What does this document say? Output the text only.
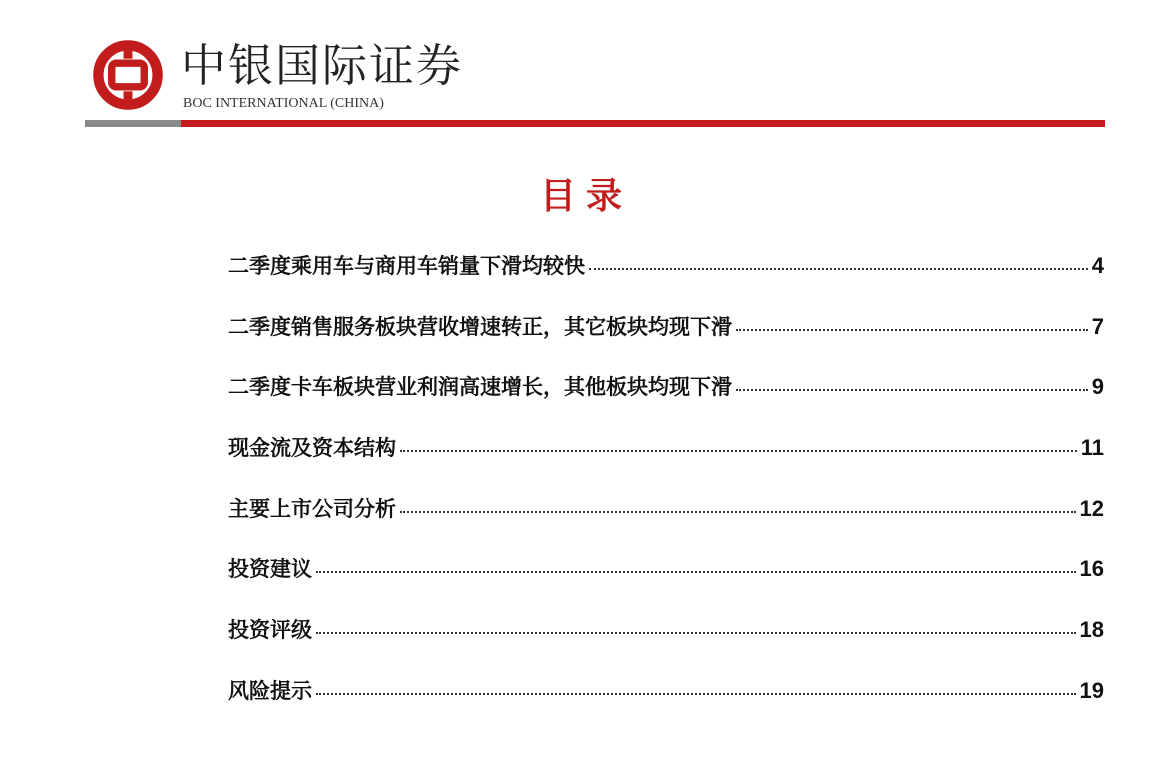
中银国际证券
BOC INTERNATIONAL (CHINA)
目录
二季度乘用车与商用车销量下滑均较快	4
二季度销售服务板块营收增速转正，其它板块均现下滑	7
二季度卡车板块营业利润高速增长，其他板块均现下滑	9
现金流及资本结构	11
主要上市公司分析	12
投资建议	16
投资评级	18
风险提示	19
